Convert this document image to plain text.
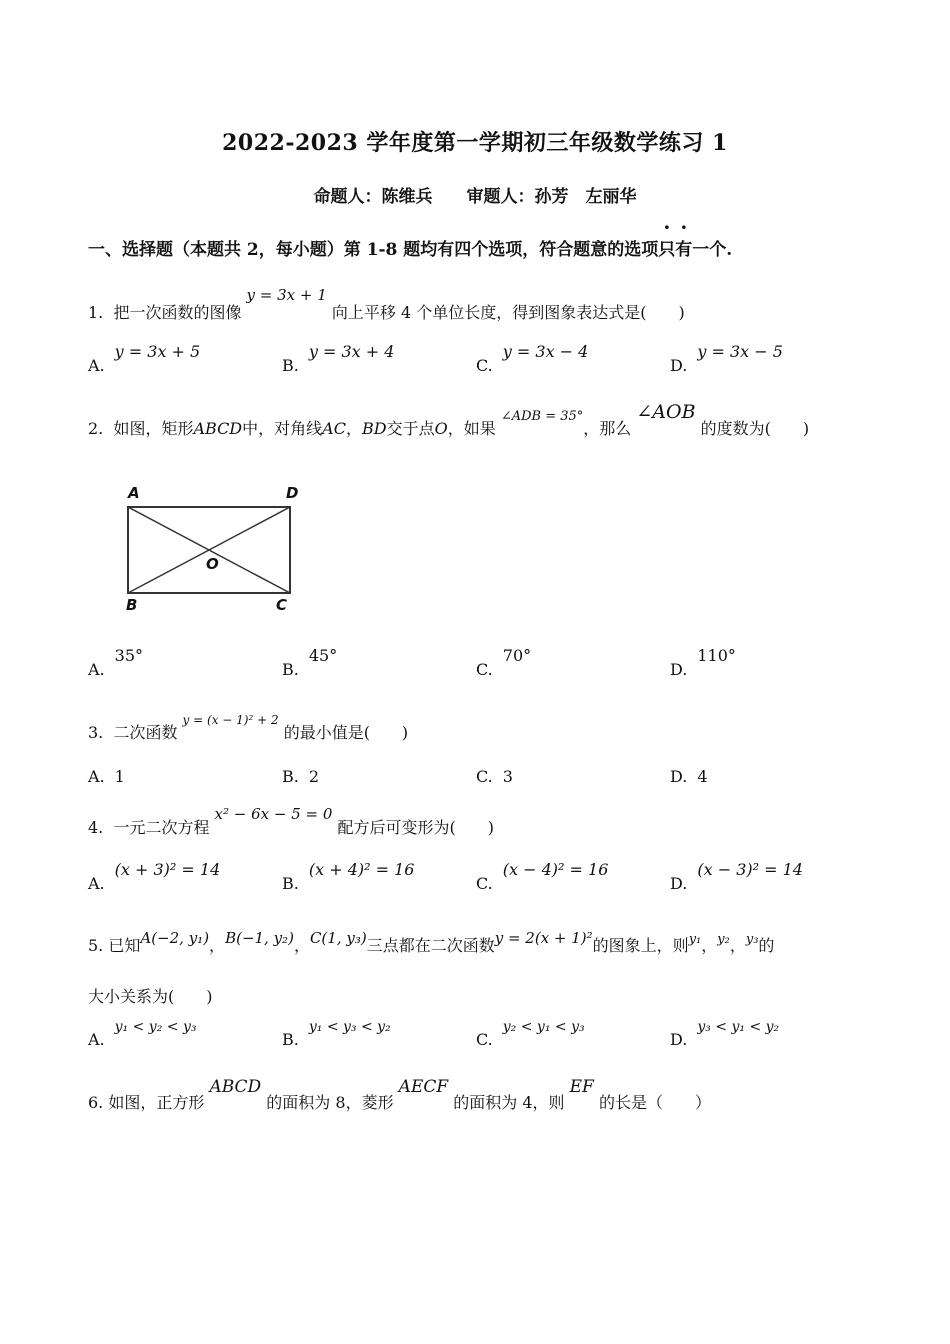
2022-2023 学年度第一学期初三年级数学练习 1
命题人：陈维兵　　审题人：孙芳　左丽华
一、选择题（本题共 2，每小题）第 1-8 题均有四个选项，符合题意的选项只有一个.
1. 把一次函数的图像 y = 3x + 1 向上平移 4 个单位长度，得到图象表达式是(　　)
A.y = 3x + 5
B.y = 3x + 4
C.y = 3x − 4
D.y = 3x − 5
2. 如图，矩形ABCD中，对角线AC，BD交于点O，如果 ∠ADB = 35°，那么 ∠AOB 的度数为(　　)
A	D
O
B	C
A.35°
B.45°
C.70°
D.110°
3. 二次函数 y = (x − 1)² + 2 的最小值是(　　)
A. 1	B. 2	C. 3	D. 4
4. 一元二次方程 x² − 6x − 5 = 0 配方后可变形为(　　)
A.(x + 3)² = 14
B.(x + 4)² = 16
C.(x − 4)² = 16
D.(x − 3)² = 14
5. 已知A(−2, y₁)，B(−1, y₂)，C(1, y₃)三点都在二次函数y = 2(x + 1)²的图象上，则y₁，y₂，y₃的
大小关系为(　　)
A.y₁ < y₂ < y₃
B.y₁ < y₃ < y₂
C.y₂ < y₁ < y₃
D.y₃ < y₁ < y₂
6. 如图，正方形 ABCD 的面积为 8，菱形 AECF 的面积为 4，则 EF 的长是（　　）
